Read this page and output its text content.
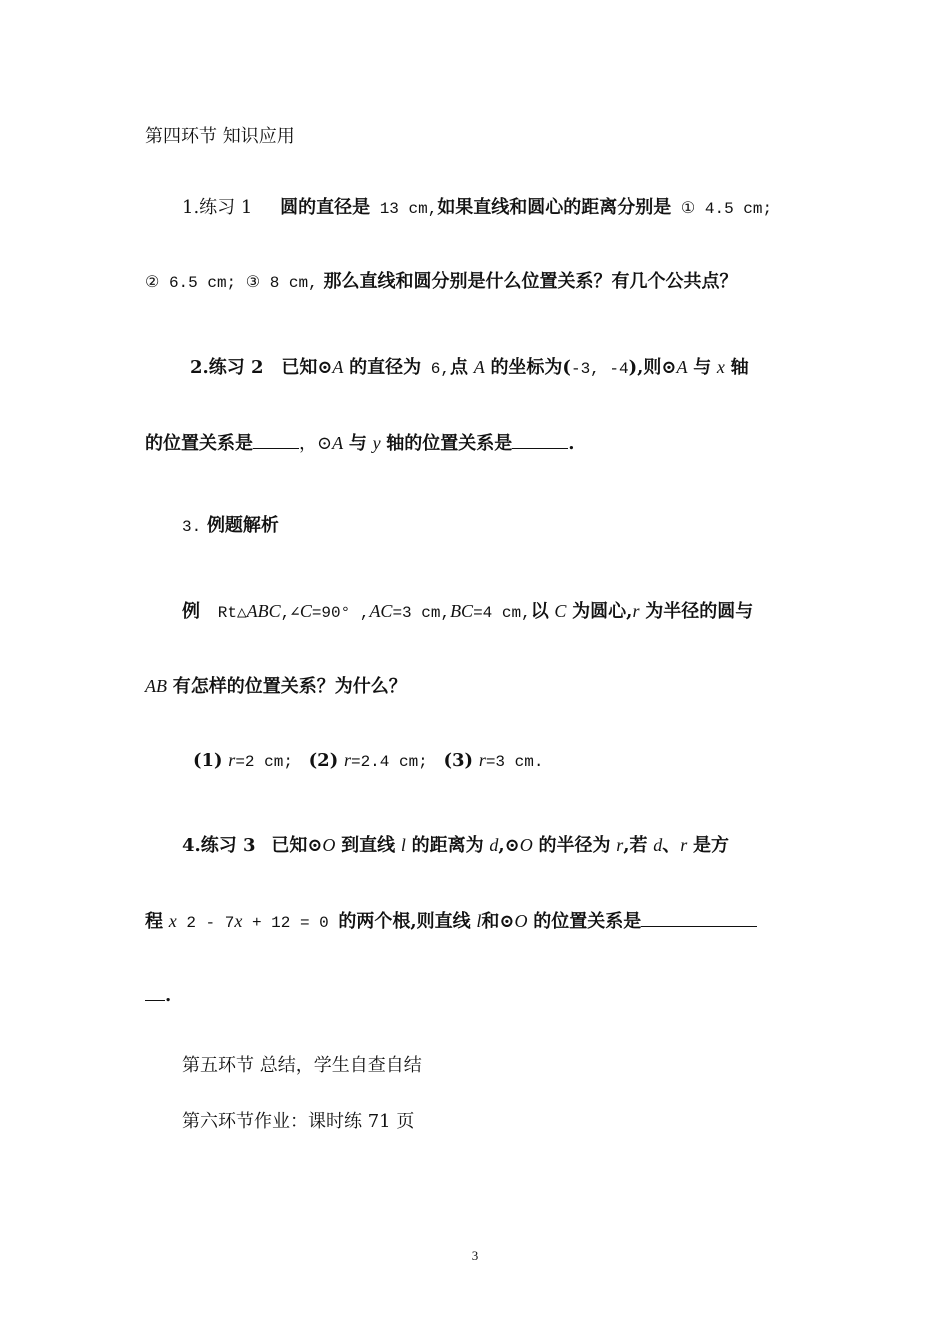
第四环节 知识应用
1.练习 1 圆的直径是 13 cm,如果直线和圆心的距离分别是 ① 4.5 cm;
② 6.5 cm; ③ 8 cm, 那么直线和圆分别是什么位置关系？有几个公共点？
2.练习 2 已知⊙A 的直径为 6,点 A 的坐标为(-3, -4),则⊙A 与 x 轴
的位置关系是	，⊙A 与 y 轴的位置关系是	.
3. 例题解析
例 Rt△ABC,∠C=90° ,AC=3 cm,BC=4 cm,以 C 为圆心,r 为半径的圆与
AB 有怎样的位置关系？为什么？
(1) r=2 cm; (2) r=2.4 cm; (3) r=3 cm.
4.练习 3 已知⊙O 到直线 l 的距离为 d,⊙O 的半径为 r,若 d、r 是方
程 x 2 - 7x + 12 = 0 的两个根,则直线 l和⊙O 的位置关系是
.
第五环节 总结，学生自查自结
第六环节作业：课时练 71 页
3
